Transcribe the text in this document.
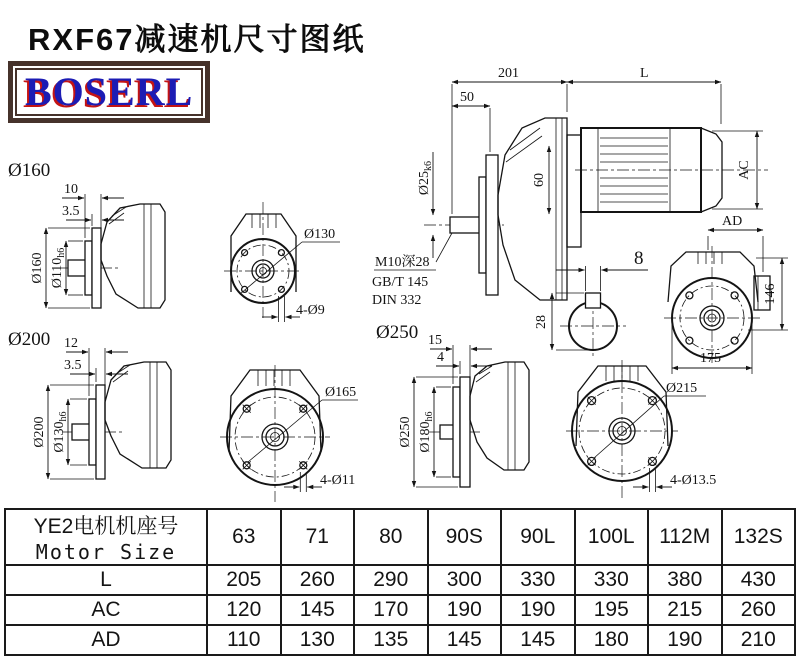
RXF67减速机尺寸图纸
BOSERL	201	L
50
$Ø25_{k6}$
60
AC
M10深28
GB/T 145
DIN 332
8
28
AD
146
175
Ø160
10
3.5
Ø160 $Ø110_{h6}$
Ø130
4-Ø9
Ø200 12
3.5
Ø200 $Ø130_{h6}$
Ø165
4-Ø11
Ø250 15
4
Ø250 $Ø180_{h6}$
Ø215
4-Ø13.5
YE2电机机座号
Motor Size	63	71	80	90S	90L	100L	112M	132S
L	205	260	290	300	330	330	380	430
AC	120	145	170	190	190	195	215	260
AD	110	130	135	145	145	180	190	210
